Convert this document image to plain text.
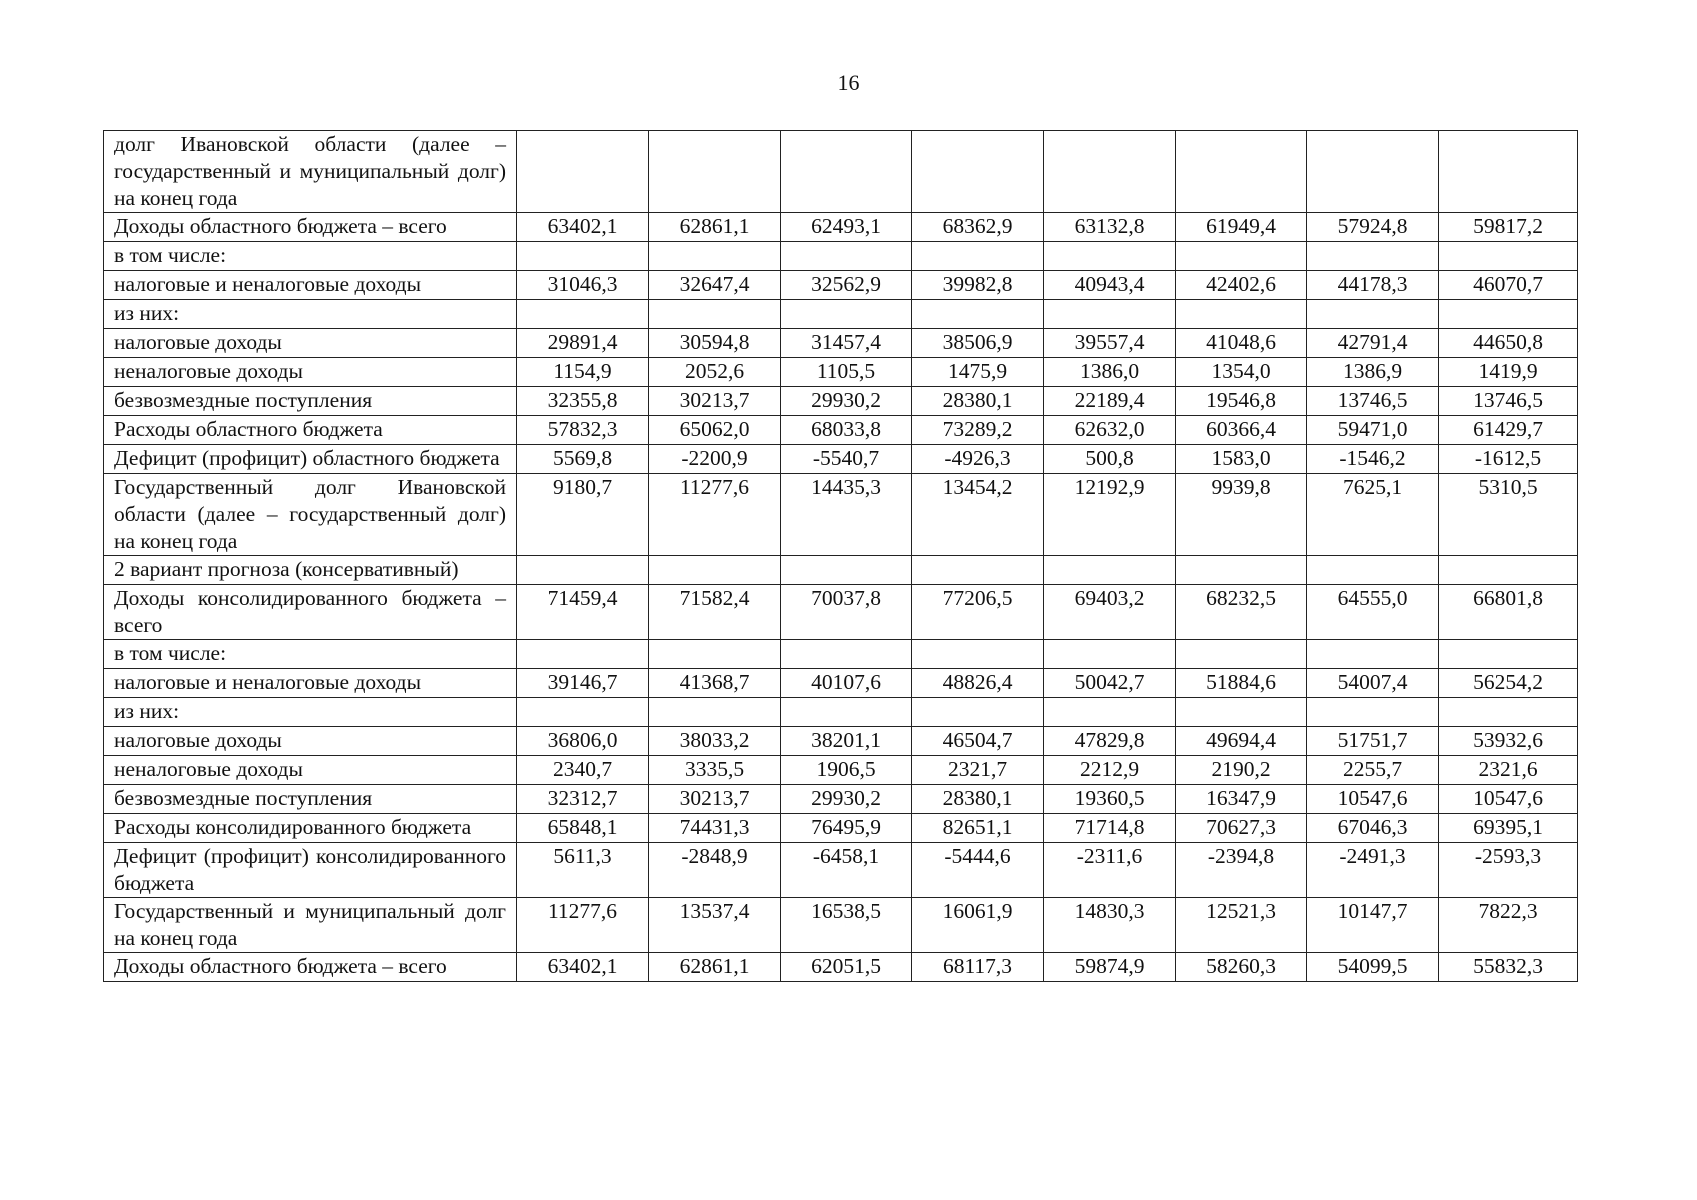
16
долг Ивановской области (далее – государственный и муниципальный долг) на конец года								
Доходы областного бюджета – всего	63402,1	62861,1	62493,1	68362,9	63132,8	61949,4	57924,8	59817,2
в том числе:								
налоговые и неналоговые доходы	31046,3	32647,4	32562,9	39982,8	40943,4	42402,6	44178,3	46070,7
из них:								
налоговые доходы	29891,4	30594,8	31457,4	38506,9	39557,4	41048,6	42791,4	44650,8
неналоговые доходы	1154,9	2052,6	1105,5	1475,9	1386,0	1354,0	1386,9	1419,9
безвозмездные поступления	32355,8	30213,7	29930,2	28380,1	22189,4	19546,8	13746,5	13746,5
Расходы областного бюджета	57832,3	65062,0	68033,8	73289,2	62632,0	60366,4	59471,0	61429,7
Дефицит (профицит) областного бюджета	5569,8	-2200,9	-5540,7	-4926,3	500,8	1583,0	-1546,2	-1612,5
Государственный долг Ивановской области (далее – государственный долг) на конец года	9180,7	11277,6	14435,3	13454,2	12192,9	9939,8	7625,1	5310,5
2 вариант прогноза (консервативный)								
Доходы консолидированного бюджета – всего	71459,4	71582,4	70037,8	77206,5	69403,2	68232,5	64555,0	66801,8
в том числе:								
налоговые и неналоговые доходы	39146,7	41368,7	40107,6	48826,4	50042,7	51884,6	54007,4	56254,2
из них:								
налоговые доходы	36806,0	38033,2	38201,1	46504,7	47829,8	49694,4	51751,7	53932,6
неналоговые доходы	2340,7	3335,5	1906,5	2321,7	2212,9	2190,2	2255,7	2321,6
безвозмездные поступления	32312,7	30213,7	29930,2	28380,1	19360,5	16347,9	10547,6	10547,6
Расходы консолидированного бюджета	65848,1	74431,3	76495,9	82651,1	71714,8	70627,3	67046,3	69395,1
Дефицит (профицит) консолидированного бюджета	5611,3	-2848,9	-6458,1	-5444,6	-2311,6	-2394,8	-2491,3	-2593,3
Государственный и муниципальный долг на конец года	11277,6	13537,4	16538,5	16061,9	14830,3	12521,3	10147,7	7822,3
Доходы областного бюджета – всего	63402,1	62861,1	62051,5	68117,3	59874,9	58260,3	54099,5	55832,3
